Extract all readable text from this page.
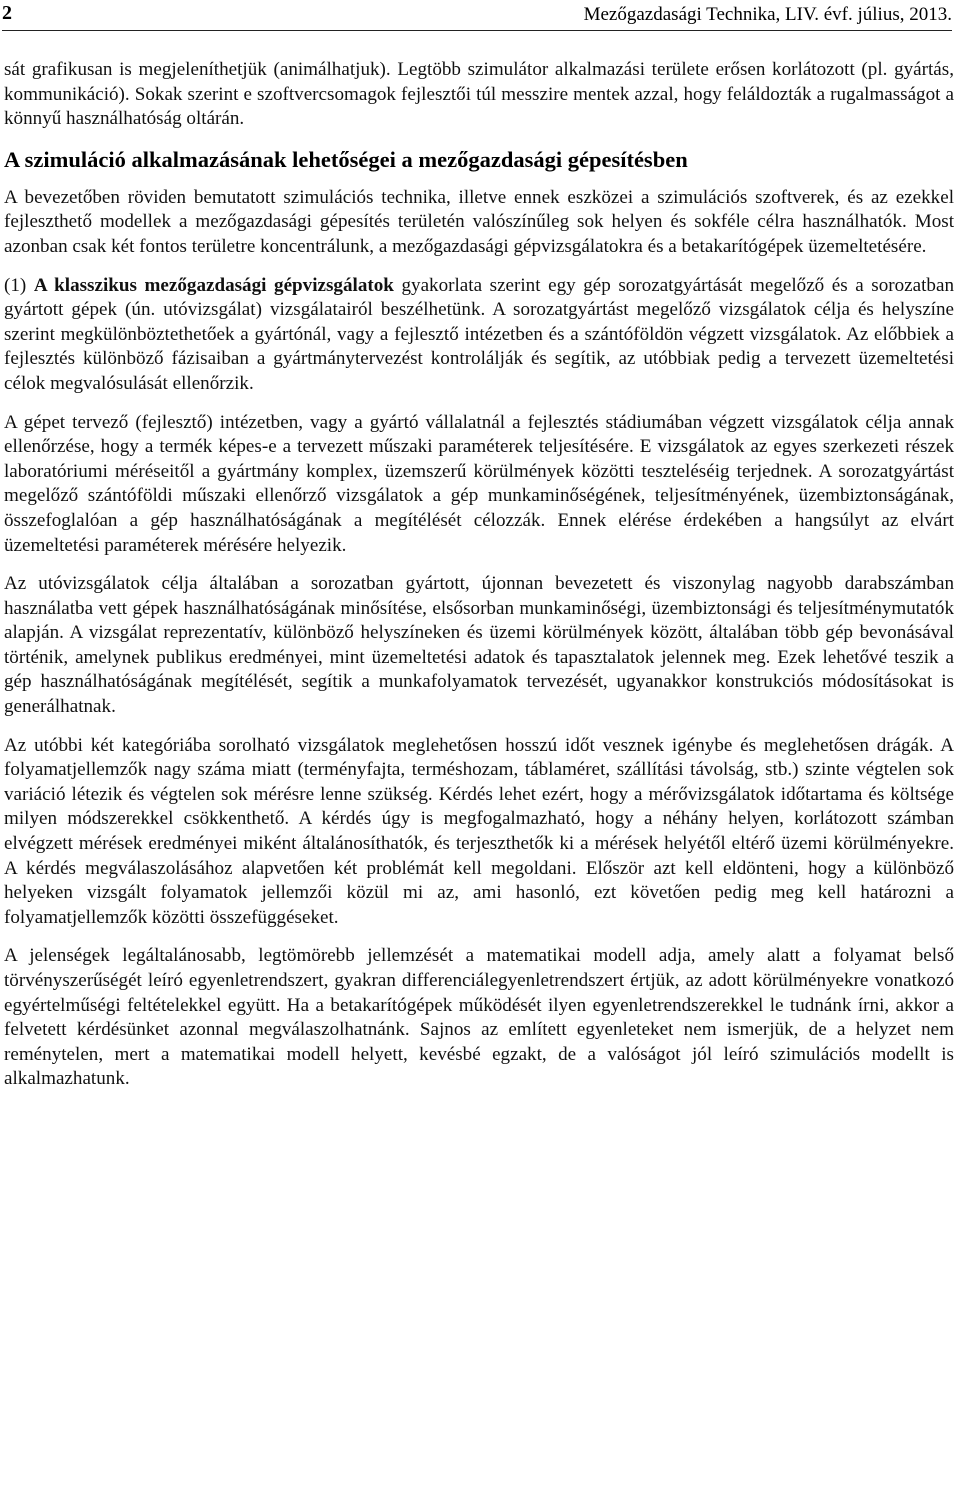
2	Mezőgazdasági Technika, LIV. évf. július, 2013.

sát grafikusan is megjeleníthetjük (animálhatjuk). Legtöbb szimulátor alkalmazási területe erősen korlátozott (pl. gyártás, kommunikáció). Sokak szerint e szoftvercsomagok fejlesztői túl messzire mentek azzal, hogy feláldozták a rugalmasságot a könnyű használhatóság oltárán.

A szimuláció alkalmazásának lehetőségei a mezőgazdasági gépesítésben

A bevezetőben röviden bemutatott szimulációs technika, illetve ennek eszközei a szimulációs szoftverek, és az ezekkel fejleszthető modellek a mezőgazdasági gépesítés területén valószínűleg sok helyen és sokféle célra használhatók. Most azonban csak két fontos területre koncentrálunk, a mezőgazdasági gépvizsgálatokra és a betakarítógépek üzemeltetésére.

(1) A klasszikus mezőgazdasági gépvizsgálatok gyakorlata szerint egy gép sorozatgyártását megelőző és a sorozatban gyártott gépek (ún. utóvizsgálat) vizsgálatairól beszélhetünk. A sorozatgyártást megelőző vizsgálatok célja és helyszíne szerint megkülönböztethetőek a gyártónál, vagy a fejlesztő intézetben és a szántóföldön végzett vizsgálatok. Az előbbiek a fejlesztés különböző fázisaiban a gyártmánytervezést kontrolálják és segítik, az utóbbiak pedig a tervezett üzemeltetési célok megvalósulását ellenőrzik.

A gépet tervező (fejlesztő) intézetben, vagy a gyártó vállalatnál a fejlesztés stádiumában végzett vizsgálatok célja annak ellenőrzése, hogy a termék képes-e a tervezett műszaki paraméterek teljesítésére. E vizsgálatok az egyes szerkezeti részek laboratóriumi méréseitől a gyártmány komplex, üzemszerű körülmények közötti teszteléséig terjednek. A sorozatgyártást megelőző szántóföldi műszaki ellenőrző vizsgálatok a gép munkaminőségének, teljesítményének, üzembiztonságának, összefoglalóan a gép használhatóságának a megítélését célozzák. Ennek elérése érdekében a hangsúlyt az elvárt üzemeltetési paraméterek mérésére helyezik.

Az utóvizsgálatok célja általában a sorozatban gyártott, újonnan bevezetett és viszonylag nagyobb darabszámban használatba vett gépek használhatóságának minősítése, elsősorban munkaminőségi, üzembiztonsági és teljesítménymutatók alapján. A vizsgálat reprezentatív, különböző helyszíneken és üzemi körülmények között, általában több gép bevonásával történik, amelynek publikus eredményei, mint üzemeltetési adatok és tapasztalatok jelennek meg. Ezek lehetővé teszik a gép használhatóságának megítélését, segítik a munkafolyamatok tervezését, ugyanakkor konstrukciós módosításokat is generálhatnak.

Az utóbbi két kategóriába sorolható vizsgálatok meglehetősen hosszú időt vesznek igénybe és meglehetősen drágák. A folyamatjellemzők nagy száma miatt (terményfajta, terméshozam, táblaméret, szállítási távolság, stb.) szinte végtelen sok variáció létezik és végtelen sok mérésre lenne szükség. Kérdés lehet ezért, hogy a mérővizsgálatok időtartama és költsége milyen módszerekkel csökkenthető. A kérdés úgy is megfogalmazható, hogy a néhány helyen, korlátozott számban elvégzett mérések eredményei miként általánosíthatók, és terjeszthetők ki a mérések helyétől eltérő üzemi körülményekre. A kérdés megválaszolásához alapvetően két problémát kell megoldani. Először azt kell eldönteni, hogy a különböző helyeken vizsgált folyamatok jellemzői közül mi az, ami hasonló, ezt követően pedig meg kell határozni a folyamatjellemzők közötti összefüggéseket.

A jelenségek legáltalánosabb, legtömörebb jellemzését a matematikai modell adja, amely alatt a folyamat belső törvényszerűségét leíró egyenletrendszert, gyakran differenciálegyenletrendszert értjük, az adott körülményekre vonatkozó egyértelműségi feltételekkel együtt. Ha a betakarítógépek működését ilyen egyenletrendszerekkel le tudnánk írni, akkor a felvetett kérdésünket azonnal megválaszolhatnánk. Sajnos az említett egyenleteket nem ismerjük, de a helyzet nem reménytelen, mert a matematikai modell helyett, kevésbé egzakt, de a valóságot jól leíró szimulációs modellt is alkalmazhatunk.
